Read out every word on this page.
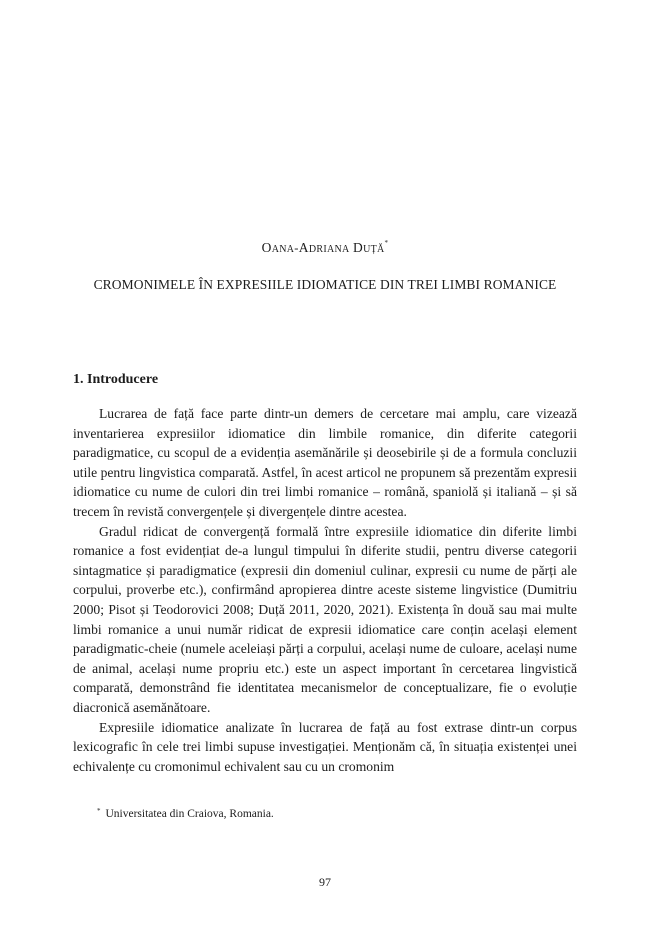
OANA-ADRIANA DUȚĂ*
CROMONIMELE ÎN EXPRESIILE IDIOMATICE DIN TREI LIMBI ROMANICE
1. Introducere

Lucrarea de față face parte dintr-un demers de cercetare mai amplu, care vizează inventarierea expresiilor idiomatice din limbile romanice, din diferite categorii paradigmatice, cu scopul de a evidenția asemănările și deosebirile și de a formula concluzii utile pentru lingvistica comparată. Astfel, în acest articol ne propunem să prezentăm expresii idiomatice cu nume de culori din trei limbi romanice – română, spaniolă și italiană – și să trecem în revistă convergențele și divergențele dintre acestea.

Gradul ridicat de convergență formală între expresiile idiomatice din diferite limbi romanice a fost evidențiat de-a lungul timpului în diferite studii, pentru diverse categorii sintagmatice și paradigmatice (expresii din domeniul culinar, expresii cu nume de părți ale corpului, proverbe etc.), confirmând apropierea dintre aceste sisteme lingvistice (Dumitriu 2000; Pisot și Teodorovici 2008; Duță 2011, 2020, 2021). Existența în două sau mai multe limbi romanice a unui număr ridicat de expresii idiomatice care conțin același element paradigmatic-cheie (numele aceleiași părți a corpului, același nume de culoare, același nume de animal, același nume propriu etc.) este un aspect important în cercetarea lingvistică comparată, demonstrând fie identitatea mecanismelor de conceptualizare, fie o evoluție diacronică asemănătoare.

Expresiile idiomatice analizate în lucrarea de față au fost extrase dintr-un corpus lexicografic în cele trei limbi supuse investigației. Menționăm că, în situația existenței unei echivalențe cu cromonimul echivalent sau cu un cromonim

* Universitatea din Craiova, Romania.
97
